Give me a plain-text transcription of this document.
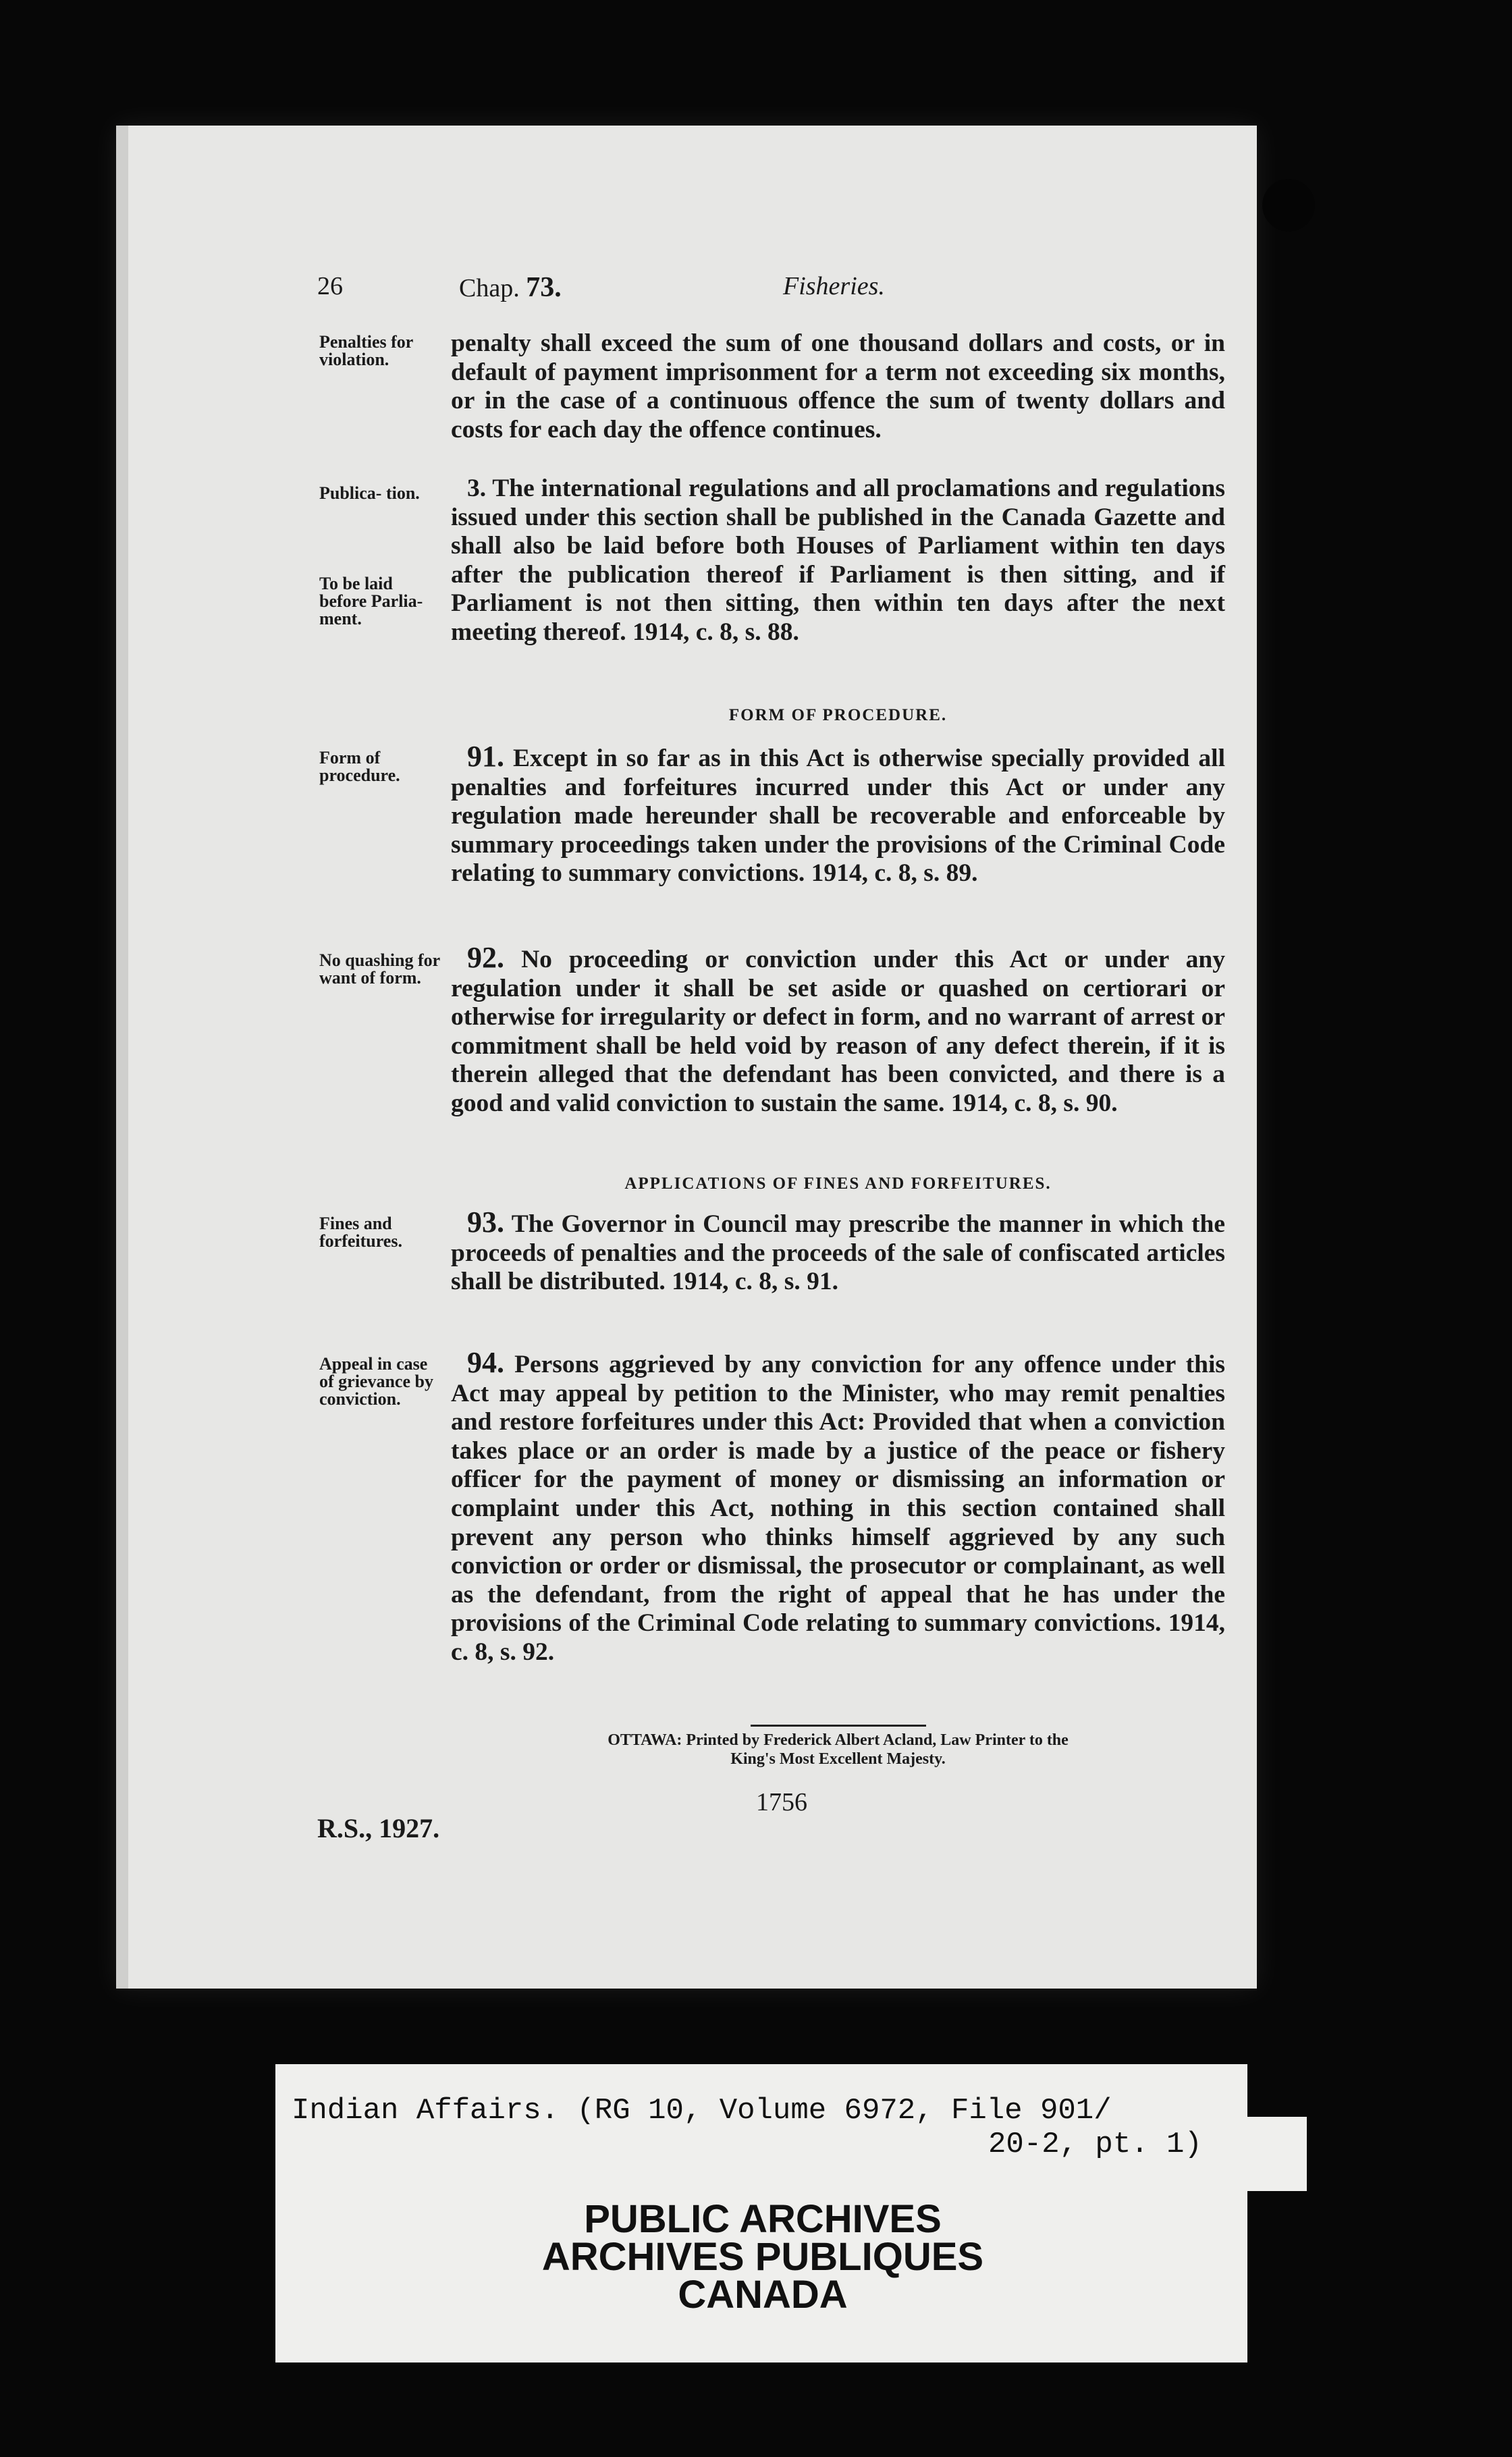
26	Chap. 73.	Fisheries.
Penalties for violation.
Publica- tion.
To be laid before Parlia- ment.
Form of procedure.
No quashing for want of form.
Fines and forfeitures.
Appeal in case of grievance by conviction.

penalty shall exceed the sum of one thousand dollars and costs, or in default of payment imprisonment for a term not exceeding six months, or in the case of a continuous offence the sum of twenty dollars and costs for each day the offence continues.

3. The international regulations and all proclamations and regulations issued under this section shall be published in the Canada Gazette and shall also be laid before both Houses of Parliament within ten days after the publication thereof if Parliament is then sitting, and if Parliament is not then sitting, then within ten days after the next meeting thereof. 1914, c. 8, s. 88.

FORM OF PROCEDURE.

91. Except in so far as in this Act is otherwise specially provided all penalties and forfeitures incurred under this Act or under any regulation made hereunder shall be recoverable and enforceable by summary proceedings taken under the provisions of the Criminal Code relating to summary convictions. 1914, c. 8, s. 89.

92. No proceeding or conviction under this Act or under any regulation under it shall be set aside or quashed on certiorari or otherwise for irregularity or defect in form, and no warrant of arrest or commitment shall be held void by reason of any defect therein, if it is therein alleged that the defendant has been convicted, and there is a good and valid conviction to sustain the same. 1914, c. 8, s. 90.

APPLICATIONS OF FINES AND FORFEITURES.

93. The Governor in Council may prescribe the manner in which the proceeds of penalties and the proceeds of the sale of confiscated articles shall be distributed. 1914, c. 8, s. 91.

94. Persons aggrieved by any conviction for any offence under this Act may appeal by petition to the Minister, who may remit penalties and restore forfeitures under this Act: Provided that when a conviction takes place or an order is made by a justice of the peace or fishery officer for the payment of money or dismissing an information or complaint under this Act, nothing in this section contained shall prevent any person who thinks himself aggrieved by any such conviction or order or dismissal, the prosecutor or complainant, as well as the defendant, from the right of appeal that he has under the provisions of the Criminal Code relating to summary convictions. 1914, c. 8, s. 92.

OTTAWA: Printed by Frederick Albert Acland, Law Printer to the
King's Most Excellent Majesty.
1756
R.S., 1927.
Indian Affairs. (RG 10, Volume 6972, File 901/
20-2, pt. 1)
PUBLIC ARCHIVES
ARCHIVES PUBLIQUES
CANADA
